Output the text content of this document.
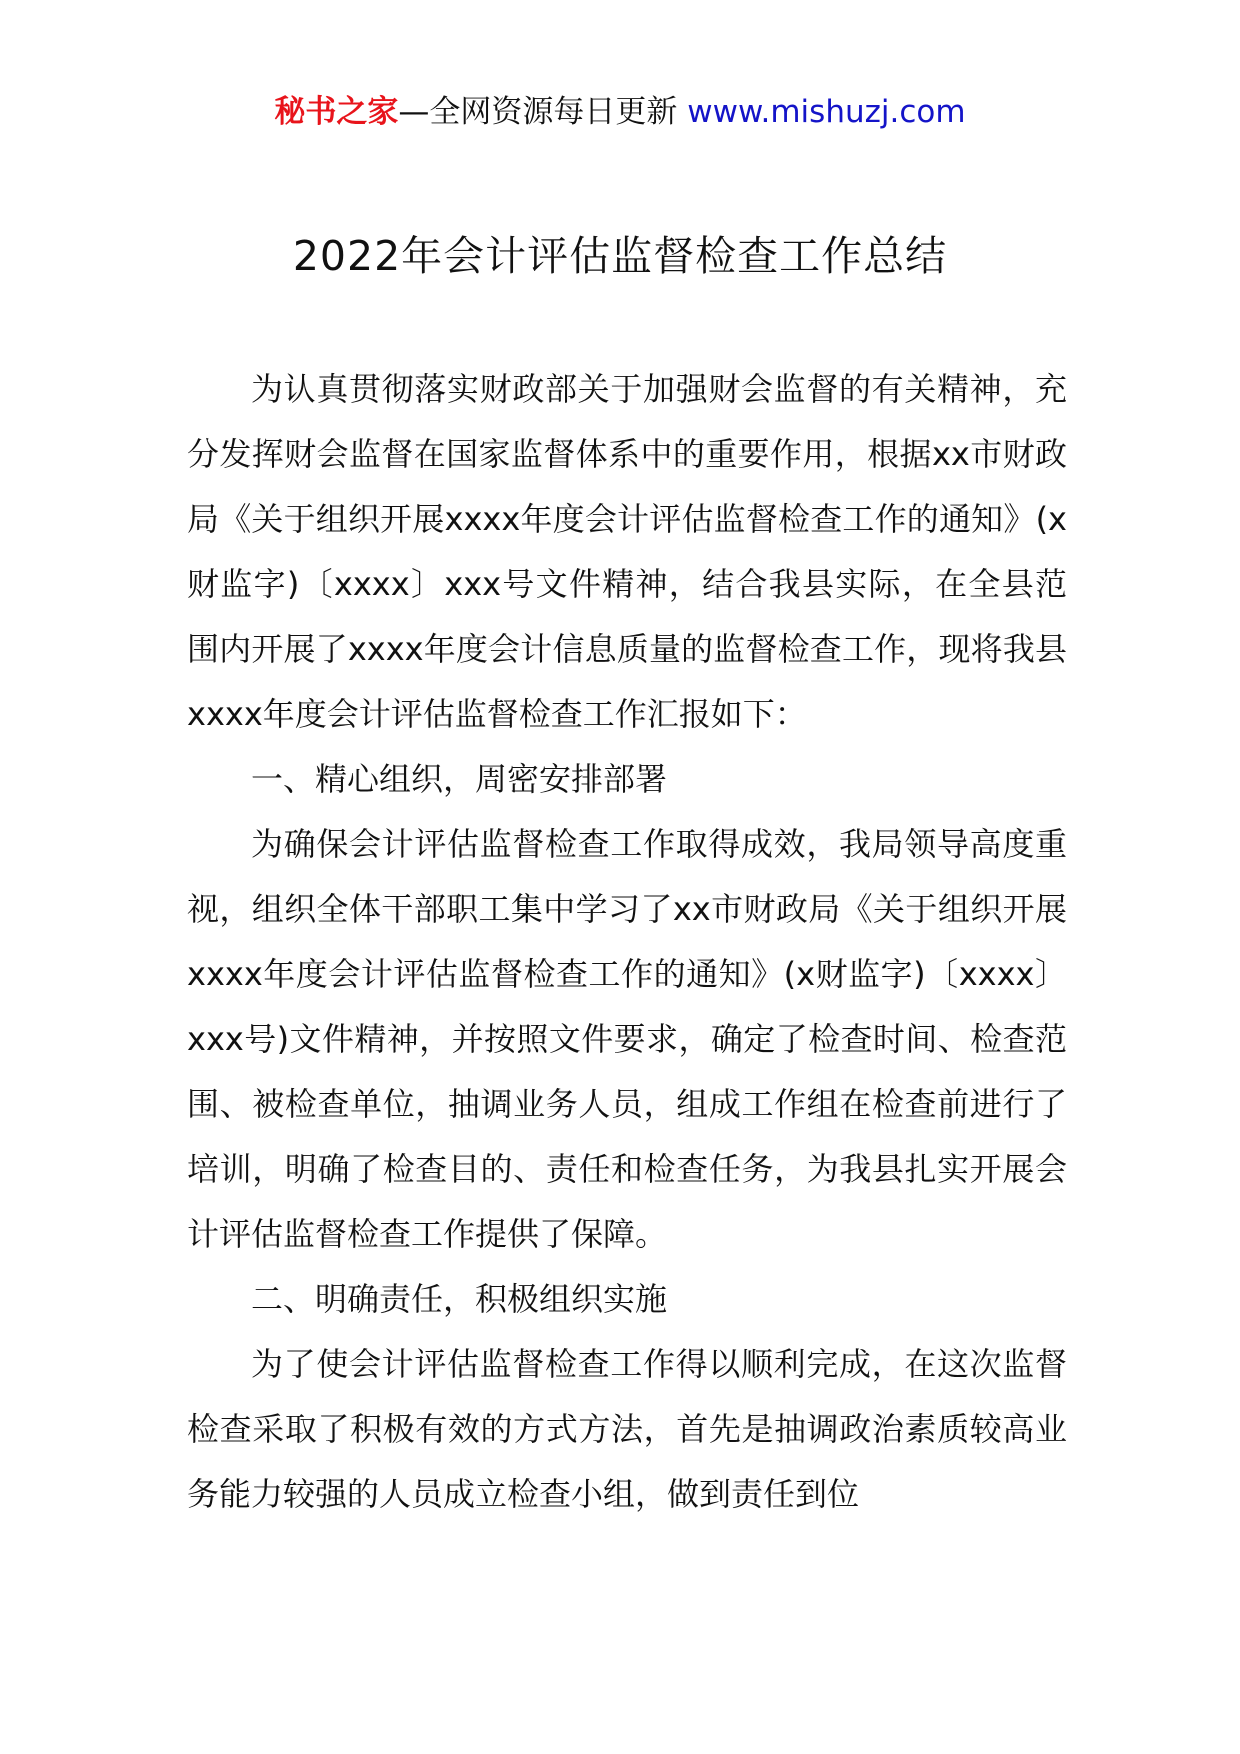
秘书之家—全网资源每日更新 www.mishuzj.com
2022年会计评估监督检查工作总结

为认真贯彻落实财政部关于加强财会监督的有关精神，充分发挥财会监督在国家监督体系中的重要作用，根据xx市财政局《关于组织开展xxxx年度会计评估监督检查工作的通知》(x财监字)〔xxxx〕xxx号文件精神，结合我县实际，在全县范围内开展了xxxx年度会计信息质量的监督检查工作，现将我县xxxx年度会计评估监督检查工作汇报如下：

一、精心组织，周密安排部署

为确保会计评估监督检查工作取得成效，我局领导高度重视，组织全体干部职工集中学习了xx市财政局《关于组织开展xxxx年度会计评估监督检查工作的通知》(x财监字)〔xxxx〕xxx号)文件精神，并按照文件要求，确定了检查时间、检查范围、被检查单位，抽调业务人员，组成工作组在检查前进行了培训，明确了检查目的、责任和检查任务，为我县扎实开展会计评估监督检查工作提供了保障。

二、明确责任，积极组织实施

为了使会计评估监督检查工作得以顺利完成，在这次监督检查采取了积极有效的方式方法，首先是抽调政治素质较高业务能力较强的人员成立检查小组，做到责任到位
